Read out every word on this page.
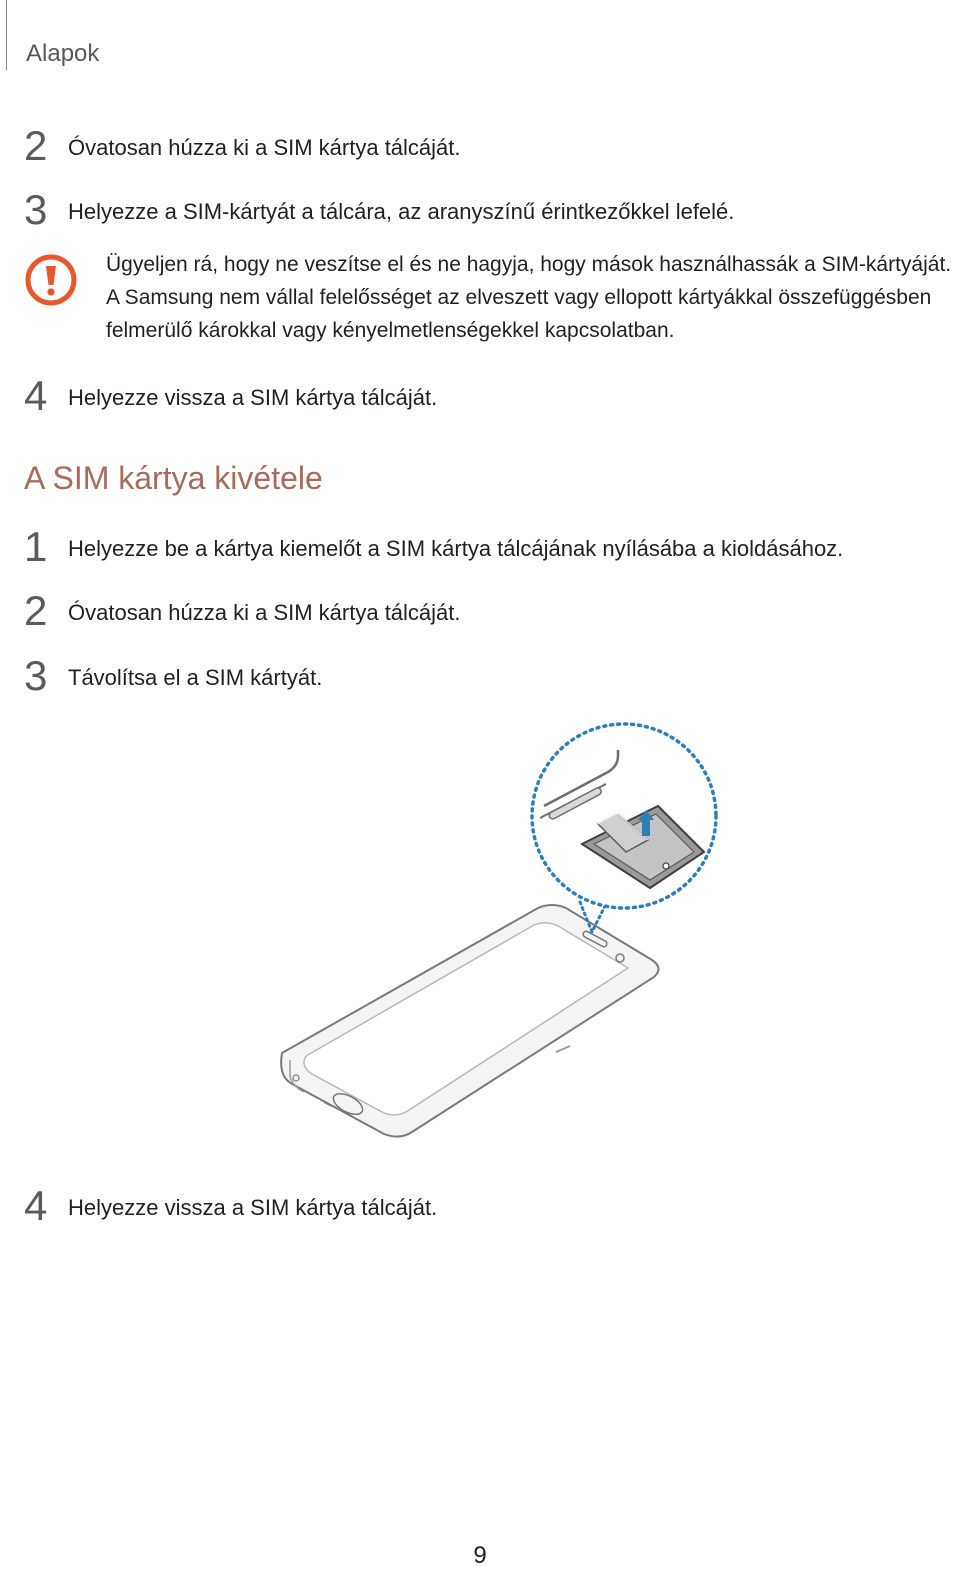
Alapok
2 Óvatosan húzza ki a SIM kártya tálcáját.
3 Helyezze a SIM-kártyát a tálcára, az aranyszínű érintkezőkkel lefelé.
Ügyeljen rá, hogy ne veszítse el és ne hagyja, hogy mások használhassák a SIM-kártyáját.
A Samsung nem vállal felelősséget az elveszett vagy ellopott kártyákkal összefüggésben
felmerülő károkkal vagy kényelmetlenségekkel kapcsolatban.
4 Helyezze vissza a SIM kártya tálcáját.
A SIM kártya kivétele
1 Helyezze be a kártya kiemelőt a SIM kártya tálcájának nyílásába a kioldásához.
2 Óvatosan húzza ki a SIM kártya tálcáját.
3 Távolítsa el a SIM kártyát.
4 Helyezze vissza a SIM kártya tálcáját.
9
